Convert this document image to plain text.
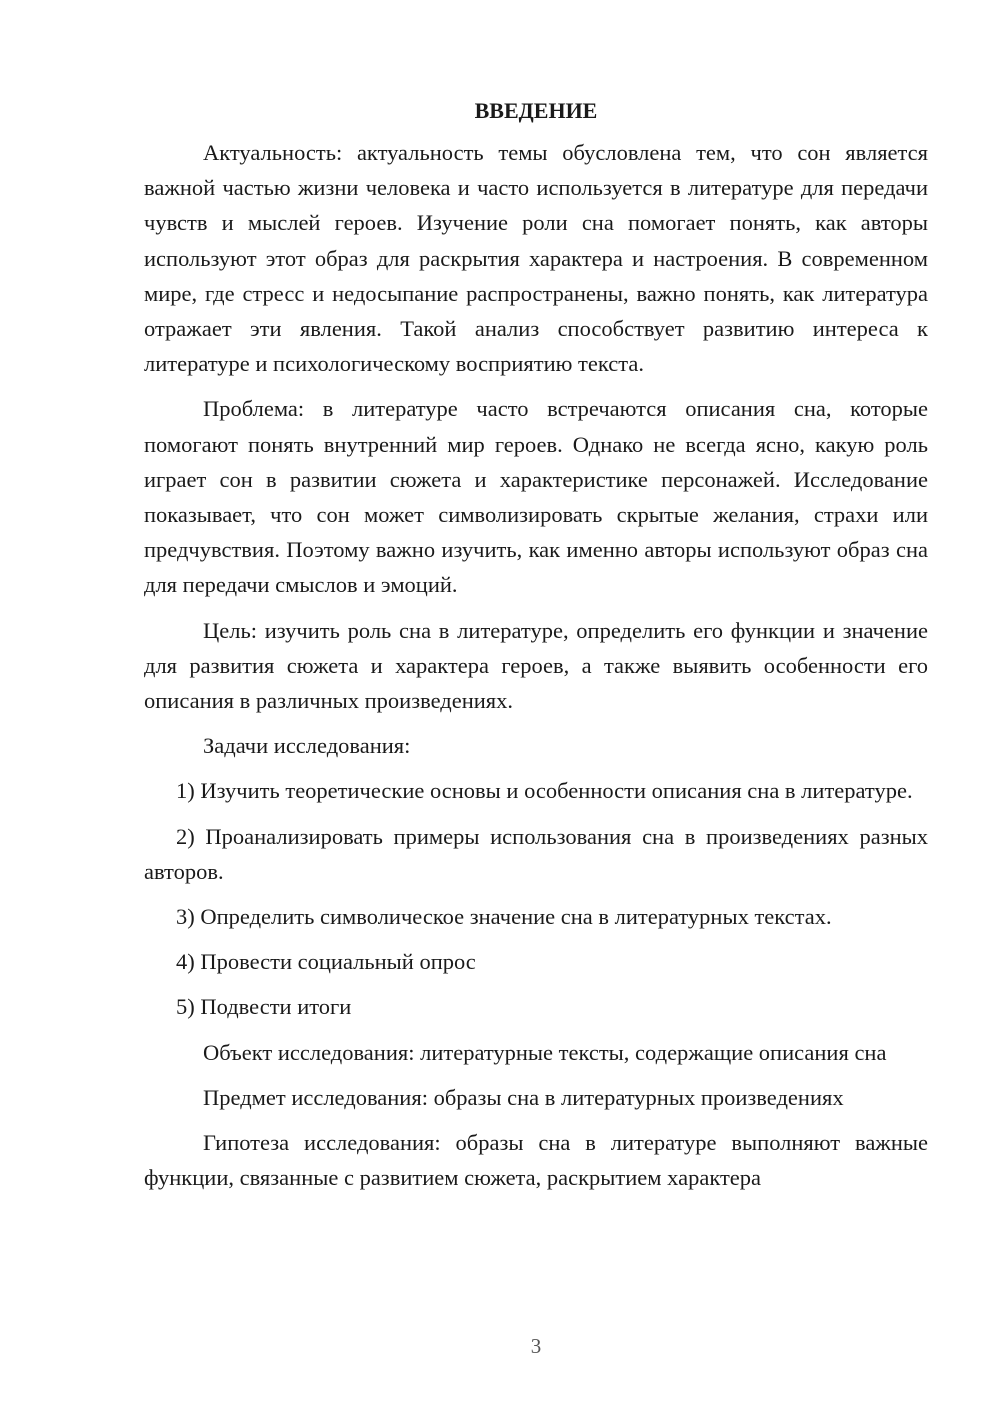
ВВЕДЕНИЕ

Актуальность: актуальность темы обусловлена тем, что сон является важной частью жизни человека и часто используется в литературе для передачи чувств и мыслей героев. Изучение роли сна помогает понять, как авторы используют этот образ для раскрытия характера и настроения. В современном мире, где стресс и недосыпание распространены, важно понять, как литература отражает эти явления. Такой анализ способствует развитию интереса к литературе и психологическому восприятию текста.

Проблема: в литературе часто встречаются описания сна, которые помогают понять внутренний мир героев. Однако не всегда ясно, какую роль играет сон в развитии сюжета и характеристике персонажей. Исследование показывает, что сон может символизировать скрытые желания, страхи или предчувствия. Поэтому важно изучить, как именно авторы используют образ сна для передачи смыслов и эмоций.

Цель: изучить роль сна в литературе, определить его функции и значение для развития сюжета и характера героев, а также выявить особенности его описания в различных произведениях.

Задачи исследования:

1) Изучить теоретические основы и особенности описания сна в литературе.

2) Проанализировать примеры использования сна в произведениях разных авторов.

3) Определить символическое значение сна в литературных текстах.

4) Провести социальный опрос

5) Подвести итоги

Объект исследования: литературные тексты, содержащие описания сна

Предмет исследования: образы сна в литературных произведениях

Гипотеза исследования: образы сна в литературе выполняют важные функции, связанные с развитием сюжета, раскрытием характера

3
